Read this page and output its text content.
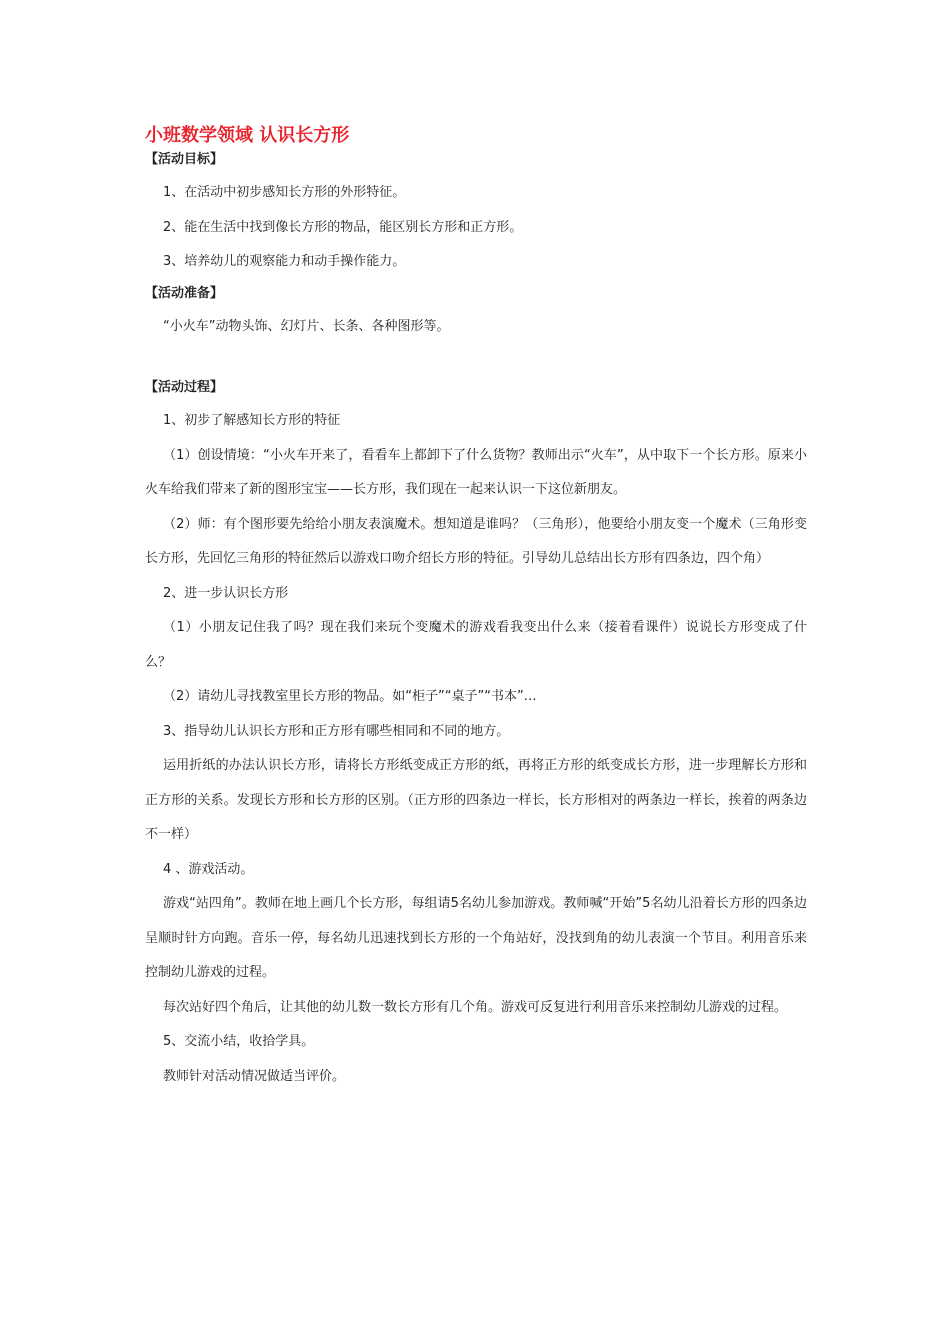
小班数学领域 认识长方形
【活动目标】
1、在活动中初步感知长方形的外形特征。
2、能在生活中找到像长方形的物品，能区别长方形和正方形。
3、培养幼儿的观察能力和动手操作能力。
【活动准备】
“小火车”动物头饰、幻灯片、长条、各种图形等。
【活动过程】
1、初步了解感知长方形的特征
（1）创设情境：“小火车开来了，看看车上都卸下了什么货物？教师出示“火车”，从中取下一个长方形。原来小火车给我们带来了新的图形宝宝——长方形，我们现在一起来认识一下这位新朋友。
（2）师：有个图形要先给给小朋友表演魔术。想知道是谁吗？（三角形），他要给小朋友变一个魔术（三角形变长方形，先回忆三角形的特征然后以游戏口吻介绍长方形的特征。引导幼儿总结出长方形有四条边，四个角）
2、进一步认识长方形
（1）小朋友记住我了吗？现在我们来玩个变魔术的游戏看我变出什么来（接着看课件）说说长方形变成了什么？
（2）请幼儿寻找教室里长方形的物品。如“柜子”“桌子”“书本”…
3、指导幼儿认识长方形和正方形有哪些相同和不同的地方。
运用折纸的办法认识长方形，请将长方形纸变成正方形的纸，再将正方形的纸变成长方形，进一步理解长方形和正方形的关系。发现长方形和长方形的区别。（正方形的四条边一样长，长方形相对的两条边一样长，挨着的两条边不一样）
4 、游戏活动。
游戏“站四角”。教师在地上画几个长方形，每组请5名幼儿参加游戏。教师喊“开始”5名幼儿沿着长方形的四条边呈顺时针方向跑。音乐一停，每名幼儿迅速找到长方形的一个角站好，没找到角的幼儿表演一个节目。利用音乐来控制幼儿游戏的过程。
每次站好四个角后，让其他的幼儿数一数长方形有几个角。游戏可反复进行利用音乐来控制幼儿游戏的过程。
5、交流小结，收拾学具。
教师针对活动情况做适当评价。
